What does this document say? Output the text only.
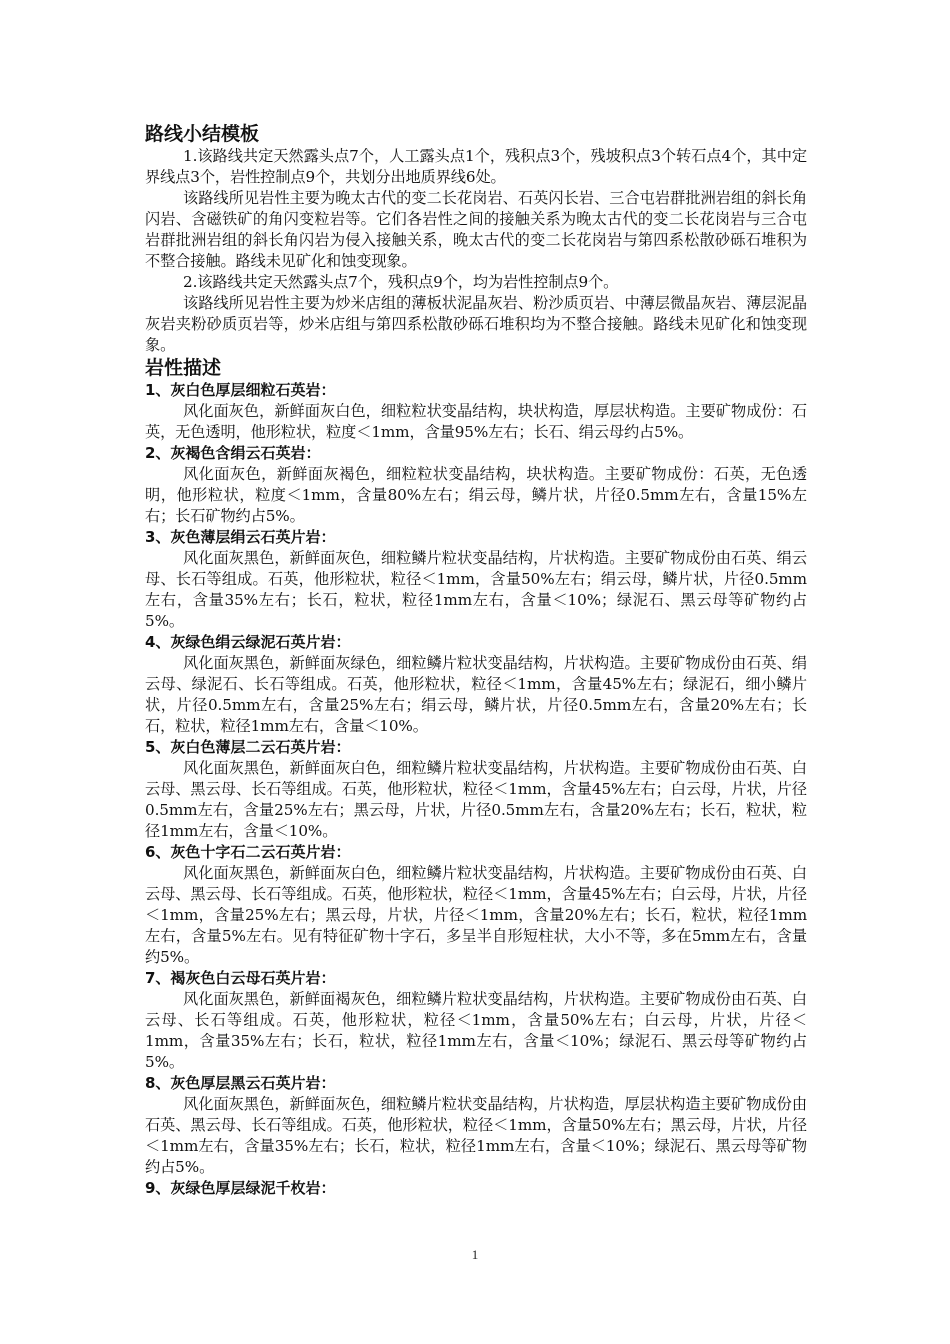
路线小结模板

1.该路线共定天然露头点7个，人工露头点1个，残积点3个，残坡积点3个转石点4个，其中定界线点3个，岩性控制点9个，共划分出地质界线6处。

该路线所见岩性主要为晚太古代的变二长花岗岩、石英闪长岩、三合屯岩群批洲岩组的斜长角闪岩、含磁铁矿的角闪变粒岩等。它们各岩性之间的接触关系为晚太古代的变二长花岗岩与三合屯岩群批洲岩组的斜长角闪岩为侵入接触关系，晚太古代的变二长花岗岩与第四系松散砂砾石堆积为不整合接触。路线未见矿化和蚀变现象。

2.该路线共定天然露头点7个，残积点9个，均为岩性控制点9个。

该路线所见岩性主要为炒米店组的薄板状泥晶灰岩、粉沙质页岩、中薄层微晶灰岩、薄层泥晶灰岩夹粉砂质页岩等，炒米店组与第四系松散砂砾石堆积均为不整合接触。路线未见矿化和蚀变现象。

岩性描述
1、灰白色厚层细粒石英岩：

风化面灰色，新鲜面灰白色，细粒粒状变晶结构，块状构造，厚层状构造。主要矿物成份：石英，无色透明，他形粒状，粒度＜1mm，含量95%左右；长石、绢云母约占5%。

2、灰褐色含绢云石英岩：

风化面灰色，新鲜面灰褐色，细粒粒状变晶结构，块状构造。主要矿物成份：石英，无色透明，他形粒状，粒度＜1mm，含量80%左右；绢云母，鳞片状，片径0.5mm左右，含量15%左右；长石矿物约占5%。

3、灰色薄层绢云石英片岩：

风化面灰黑色，新鲜面灰色，细粒鳞片粒状变晶结构，片状构造。主要矿物成份由石英、绢云母、长石等组成。石英，他形粒状，粒径＜1mm，含量50%左右；绢云母，鳞片状，片径0.5mm左右，含量35%左右；长石，粒状，粒径1mm左右，含量＜10%；绿泥石、黑云母等矿物约占5%。

4、灰绿色绢云绿泥石英片岩：

风化面灰黑色，新鲜面灰绿色，细粒鳞片粒状变晶结构，片状构造。主要矿物成份由石英、绢云母、绿泥石、长石等组成。石英，他形粒状，粒径＜1mm，含量45%左右；绿泥石，细小鳞片状，片径0.5mm左右，含量25%左右；绢云母，鳞片状，片径0.5mm左右，含量20%左右；长石，粒状，粒径1mm左右，含量＜10%。

5、灰白色薄层二云石英片岩：

风化面灰黑色，新鲜面灰白色，细粒鳞片粒状变晶结构，片状构造。主要矿物成份由石英、白云母、黑云母、长石等组成。石英，他形粒状，粒径＜1mm，含量45%左右；白云母，片状，片径0.5mm左右，含量25%左右；黑云母，片状，片径0.5mm左右，含量20%左右；长石，粒状，粒径1mm左右，含量＜10%。

6、灰色十字石二云石英片岩：

风化面灰黑色，新鲜面灰白色，细粒鳞片粒状变晶结构，片状构造。主要矿物成份由石英、白云母、黑云母、长石等组成。石英，他形粒状，粒径＜1mm，含量45%左右；白云母，片状，片径＜1mm，含量25%左右；黑云母，片状，片径＜1mm，含量20%左右；长石，粒状，粒径1mm左右，含量5%左右。见有特征矿物十字石，多呈半自形短柱状，大小不等，多在5mm左右，含量约5%。

7、褐灰色白云母石英片岩：

风化面灰黑色，新鲜面褐灰色，细粒鳞片粒状变晶结构，片状构造。主要矿物成份由石英、白云母、长石等组成。石英，他形粒状，粒径＜1mm，含量50%左右；白云母，片状，片径＜1mm，含量35%左右；长石，粒状，粒径1mm左右，含量＜10%；绿泥石、黑云母等矿物约占5%。

8、灰色厚层黑云石英片岩：

风化面灰黑色，新鲜面灰色，细粒鳞片粒状变晶结构，片状构造，厚层状构造主要矿物成份由石英、黑云母、长石等组成。石英，他形粒状，粒径＜1mm，含量50%左右；黑云母，片状，片径＜1mm左右，含量35%左右；长石，粒状，粒径1mm左右，含量＜10%；绿泥石、黑云母等矿物约占5%。

9、灰绿色厚层绿泥千枚岩：
1
